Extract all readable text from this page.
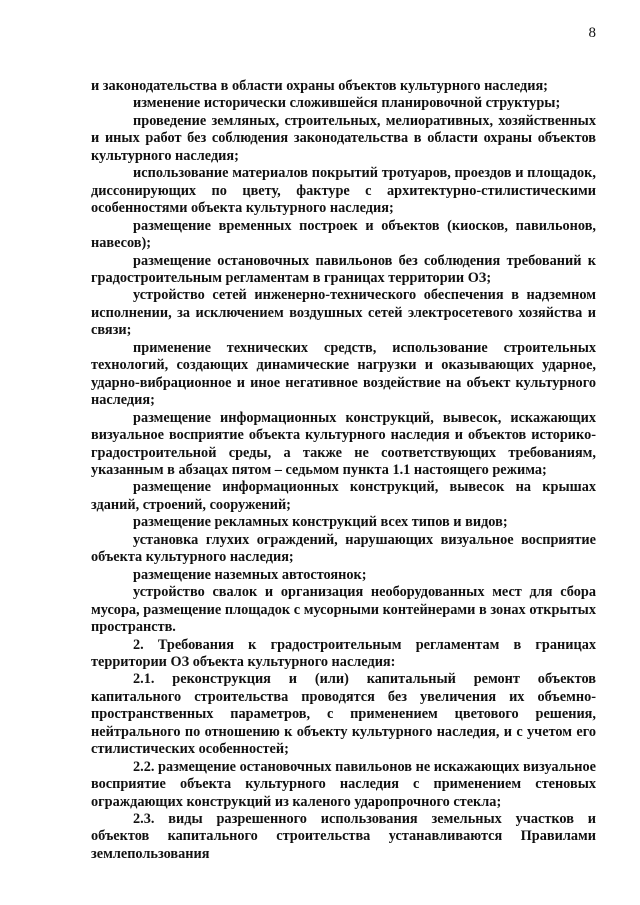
8

и законодательства в области охраны объектов культурного наследия;

изменение исторически сложившейся планировочной структуры;

проведение земляных, строительных, мелиоративных, хозяйственных и иных работ без соблюдения законодательства в области охраны объектов культурного наследия;

использование материалов покрытий тротуаров, проездов и площадок, диссонирующих по цвету, фактуре с архитектурно-стилистическими особенностями объекта культурного наследия;

размещение временных построек и объектов (киосков, павильонов, навесов);

размещение остановочных павильонов без соблюдения требований к градостроительным регламентам в границах территории ОЗ;

устройство сетей инженерно-технического обеспечения в надземном исполнении, за исключением воздушных сетей электросетевого хозяйства и связи;

применение технических средств, использование строительных технологий, создающих динамические нагрузки и оказывающих ударное, ударно-вибрационное и иное негативное воздействие на объект культурного наследия;

размещение информационных конструкций, вывесок, искажающих визуальное восприятие объекта культурного наследия и объектов историко-градостроительной среды, а также не соответствующих требованиям, указанным в абзацах пятом – седьмом пункта 1.1 настоящего режима;

размещение информационных конструкций, вывесок на крышах зданий, строений, сооружений;

размещение рекламных конструкций всех типов и видов;

установка глухих ограждений, нарушающих визуальное восприятие объекта культурного наследия;

размещение наземных автостоянок;

устройство свалок и организация необорудованных мест для сбора мусора, размещение площадок с мусорными контейнерами в зонах открытых пространств.

2. Требования к градостроительным регламентам в границах территории ОЗ объекта культурного наследия:

2.1. реконструкция и (или) капитальный ремонт объектов капитального строительства проводятся без увеличения их объемно-пространственных параметров, с применением цветового решения, нейтрального по отношению к объекту культурного наследия, и с учетом его стилистических особенностей;

2.2. размещение остановочных павильонов не искажающих визуальное восприятие объекта культурного наследия с применением стеновых ограждающих конструкций из каленого ударопрочного стекла;

2.3. виды разрешенного использования земельных участков и объектов капитального строительства устанавливаются Правилами землепользования
